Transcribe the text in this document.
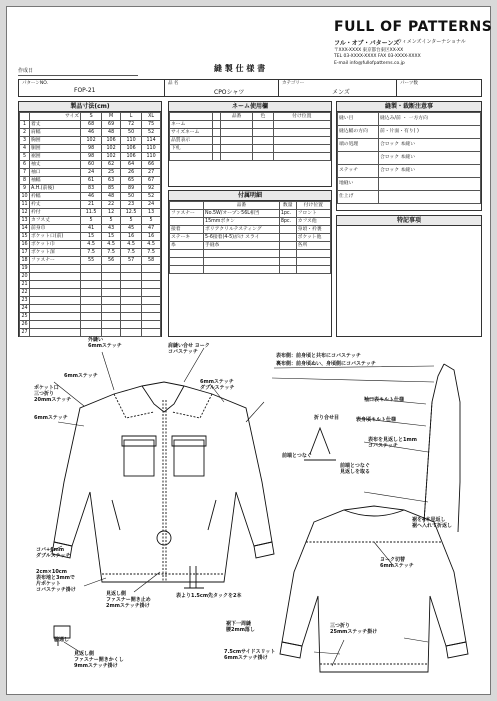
FULL OF PATTERNS
フル・オブ・パターンズ
ウィメンズインターナショナル
〒XXX-XXXX 東京都台東区XX-XX
TEL 03-XXXX-XXXX FAX 03-XXXX-XXXX
E-mail info@fullofpatterns.co.jp
縫 製 仕 様 書
作成日
パターンNO.
FOP-21
品 名
CPOシャツ
カテゴリー
メンズ
パーツ数
製品寸法(cm)
	サイズ	S	M	L	XL
1	着丈	68	69	72	75
2	肩幅	46	48	50	52
3	胸囲	102	106	110	114
4	胴囲	98	102	106	110
5	裾囲	98	102	106	110
6	袖丈	60	62	64	66
7	袖口	24	25	26	27
8	袖幅	61	63	65	67
9	A.H.(前後)	83	85	89	92
10	衿幅	46	48	50	52
11	衿丈	21	22	23	24
12	衿付	11.5	12	12.5	13
13	カフス丈	5	5	5	5
14	前身巾	41	43	45	47
15	ポケット口(前)	15	15	16	16
16	ポケット巾	4.5	4.5	4.5	4.5
17	ポケット深	7.5	7.5	7.5	7.5
18	ファスナー	55	56	57	58
19					
20					
21					
22					
23					
24					
25					
26					
27					
ネーム使用欄
		品番	色	付け位置
ネーム				
サイズネーム				
品質表示				
下札				

付属明細
	品番	数量	付け位置
ファスナー	No.5W/オープン56L相当	1pc.	フロント
	15mmボタン	8pc.	カフス他
接着	ポリアクリルテスティング		身頃・衿裏
ステーキ	5-6接着(4-5)がけ スライ		ポケット他
糸	手縫糸		各所

縫製・裁断注意事
縫い目	縫込み/前 ・ 一方方向
縫込幅の方向	前・片面・有り( )
端の処理	合ロック 本縫い
	合ロック 本縫い
ステッチ	合ロック 本縫い
地縫い	
仕上げ	
特記事項
外縫い
6mmステッチ	肩縫い合せ ヨーク
コバステッチ
6mmステッチ
ポケット口
三つ折り
20mmステッチ
6mmステッチ
6mmステッチ
ダブルステッチ
コバ+6mm
ダブルステッチ
2cm×10cm
表布地と3mmで
片ポケット
コバステッチ掛け
見返し側
ファスナー開き止め
2mmステッチ掛け
表より1.5cm先タックを2本
表布側：前身頃と共布にコバステッチ
裏布側：前身頃ぬい、身頃側にコバステッチ
袖口表キルト仕様
表身頃キルト仕様
折り合せ目
表布を見返しと1mm
コバステッチ
前端とつなぐ
前端とつなぐ
見返しを取る
裾を4本見返し
裾へ入れて折返し
ヨーク切替
6mmステッチ
三つ折り
25mmステッチ掛け
7.5cmサイドスリット
6mmステッチ掛け
裾下一周縫
腰2mm落し
見返し側
ファスナー開きかくし
9mmステッチ掛け
脇通し
